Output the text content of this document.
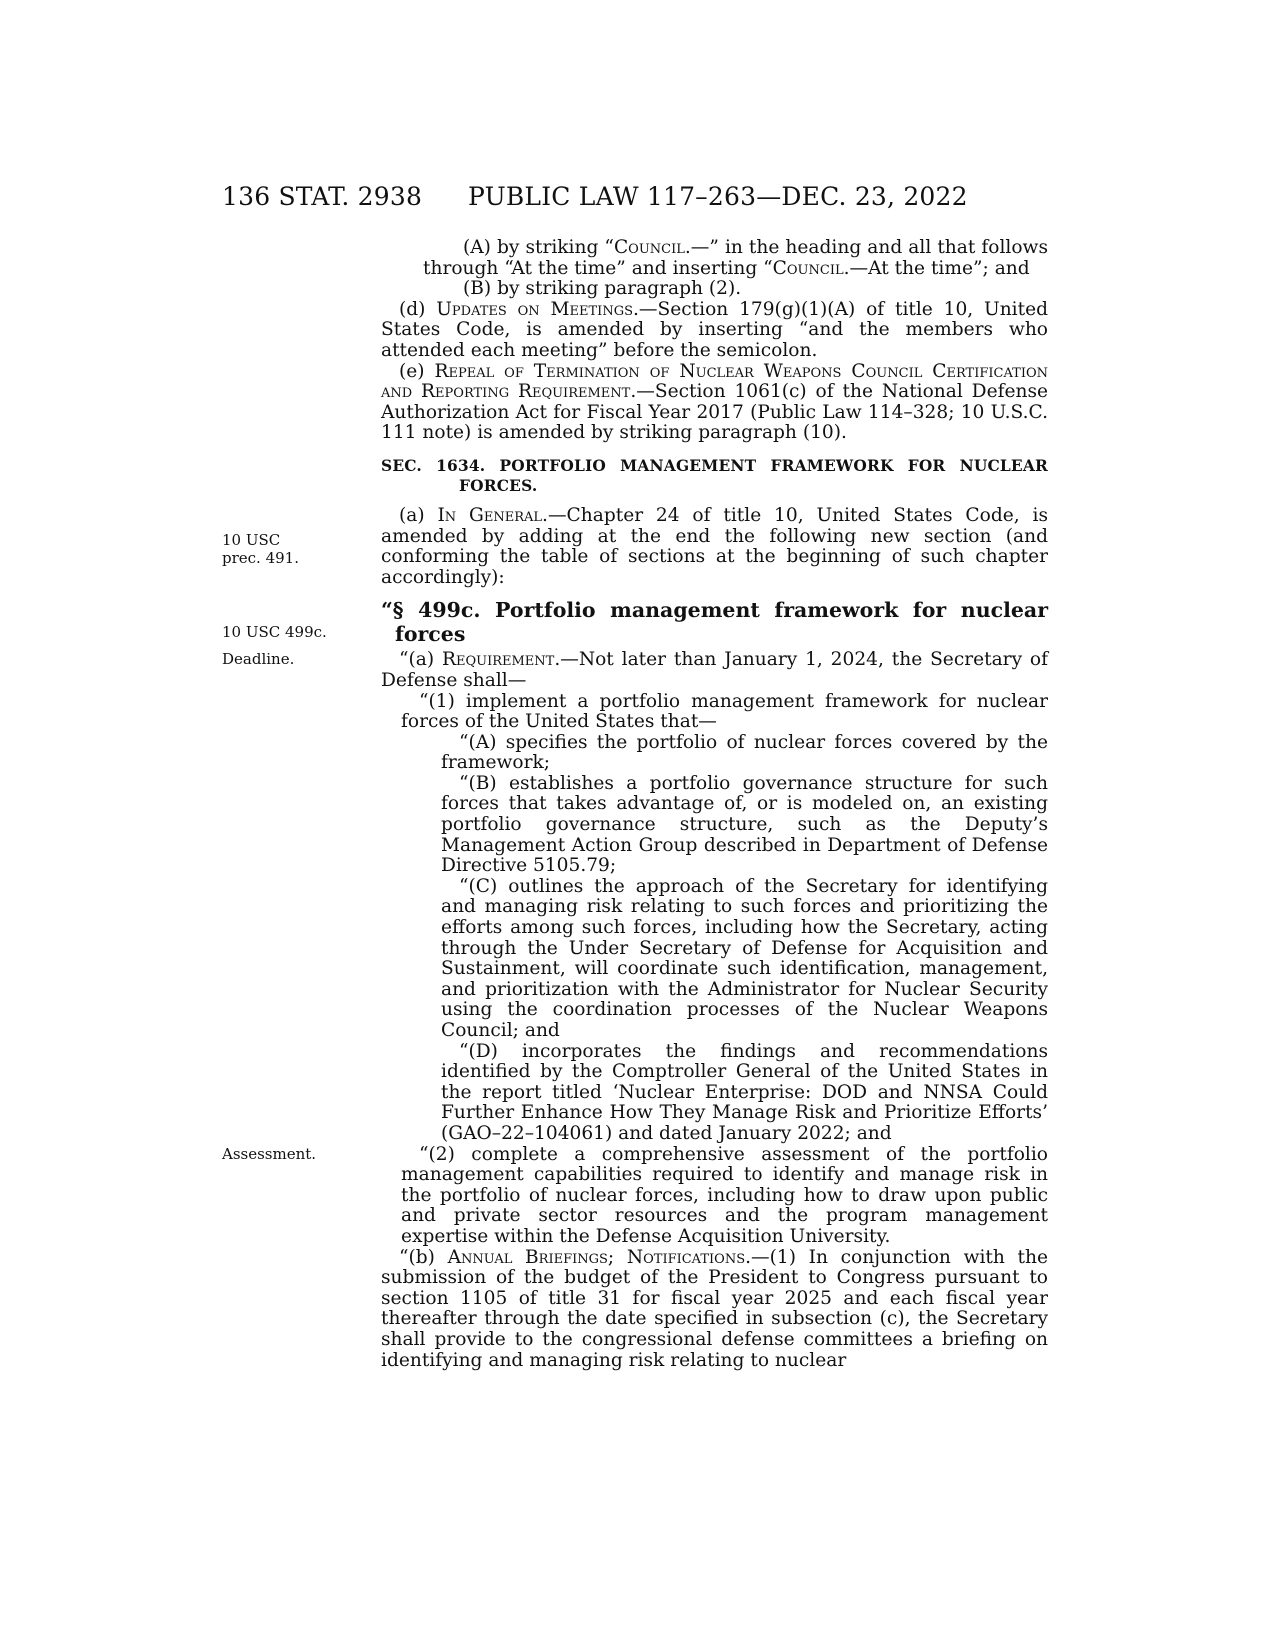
136 STAT. 2938 PUBLIC LAW 117–263—DEC. 23, 2022
10 USC
prec. 491.
10 USC 499c.
Deadline.
Assessment.

(A) by striking “Council.—” in the heading and all that follows through “At the time” and inserting “Council.—At the time”; and

(B) by striking paragraph (2).

(d) Updates on Meetings.—Section 179(g)(1)(A) of title 10, United States Code, is amended by inserting “and the members who attended each meeting” before the semicolon.

(e) Repeal of Termination of Nuclear Weapons Council Certification and Reporting Requirement.—Section 1061(c) of the National Defense Authorization Act for Fiscal Year 2017 (Public Law 114–328; 10 U.S.C. 111 note) is amended by striking paragraph (10).

SEC. 1634. PORTFOLIO MANAGEMENT FRAMEWORK FOR NUCLEAR FORCES.

(a) In General.—Chapter 24 of title 10, United States Code, is amended by adding at the end the following new section (and conforming the table of sections at the beginning of such chapter accordingly):

“§ 499c. Portfolio management framework for nuclear forces

“(a) Requirement.—Not later than January 1, 2024, the Secretary of Defense shall—

“(1) implement a portfolio management framework for nuclear forces of the United States that—

“(A) specifies the portfolio of nuclear forces covered by the framework;

“(B) establishes a portfolio governance structure for such forces that takes advantage of, or is modeled on, an existing portfolio governance structure, such as the Deputy’s Management Action Group described in Department of Defense Directive 5105.79;

“(C) outlines the approach of the Secretary for identifying and managing risk relating to such forces and prioritizing the efforts among such forces, including how the Secretary, acting through the Under Secretary of Defense for Acquisition and Sustainment, will coordinate such identification, management, and prioritization with the Administrator for Nuclear Security using the coordination processes of the Nuclear Weapons Council; and

“(D) incorporates the findings and recommendations identified by the Comptroller General of the United States in the report titled ‘Nuclear Enterprise: DOD and NNSA Could Further Enhance How They Manage Risk and Prioritize Efforts’ (GAO–22–104061) and dated January 2022; and

“(2) complete a comprehensive assessment of the portfolio management capabilities required to identify and manage risk in the portfolio of nuclear forces, including how to draw upon public and private sector resources and the program management expertise within the Defense Acquisition University.

“(b) Annual Briefings; Notifications.—(1) In conjunction with the submission of the budget of the President to Congress pursuant to section 1105 of title 31 for fiscal year 2025 and each fiscal year thereafter through the date specified in subsection (c), the Secretary shall provide to the congressional defense committees a briefing on identifying and managing risk relating to nuclear
